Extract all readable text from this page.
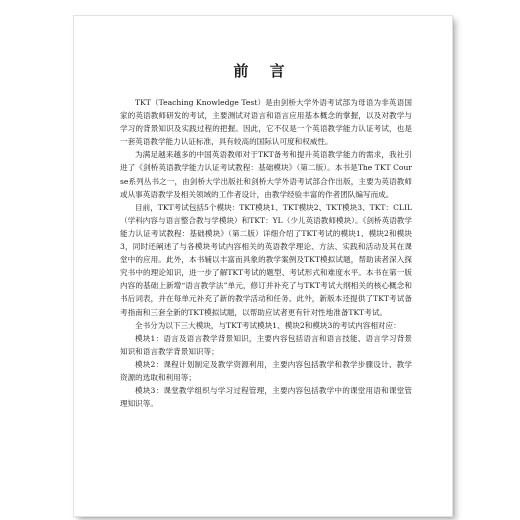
前 言

TKT（Teaching Knowledge Test）是由剑桥大学外语考试部为母语为非英语国家的英语教师研发的考试，主要测试对语言和语言应用基本概念的掌握，以及对教学与学习的背景知识及实践过程的把握。因此，它不仅是一个英语教学能力认证考试，也是一套英语教学能力认证标准，具有较高的国际认可度和权威性。

为满足越来越多的中国英语教师对于TKT备考和提升英语教学能力的需求，我社引进了《剑桥英语教学能力认证考试教程：基础模块》（第二版）。本书是The TKT Course系列丛书之一，由剑桥大学出版社和剑桥大学外语考试部合作出版，主要为英语教师或从事英语教学及相关领域的工作者设计，由教学经验丰富的作者团队编写而成。

目前，TKT考试包括5个模块：TKT模块1、TKT模块2、TKT模块3、TKT：CLIL（学科内容与语言整合教与学模块）和TKT：YL（少儿英语教师模块）。《剑桥英语教学能力认证考试教程：基础模块》（第二版）详细介绍了TKT考试的模块1、模块2和模块3，同时还阐述了与各模块考试内容相关的英语教学理论、方法、实践和活动及其在课堂中的应用。此外，本书辅以丰富而具象的教学案例及TKT模拟试题，帮助读者深入探究书中的理论知识，进一步了解TKT考试的题型、考试形式和难度水平。本书在第一版内容的基础上新增“语言教学法”单元，修订并补充了与TKT考试大纲相关的核心概念和书后词表，并在每单元补充了新的教学活动和任务。此外，新版本还提供了TKT考试备考指南和三套全新的TKT模拟试题，以帮助应试者更有针对性地准备TKT考试。

全书分为以下三大模块，与TKT考试模块1、模块2和模块3的考试内容相对应：

模块1：语言及语言教学背景知识，主要内容包括语言和语言技能、语言学习背景知识和语言教学背景知识等；

模块2：课程计划制定及教学资源利用，主要内容包括教学和教学步骤设计、教学资源的选取和利用等；

模块3：课堂教学组织与学习过程管理，主要内容包括教学中的课堂用语和课堂管理知识等。
